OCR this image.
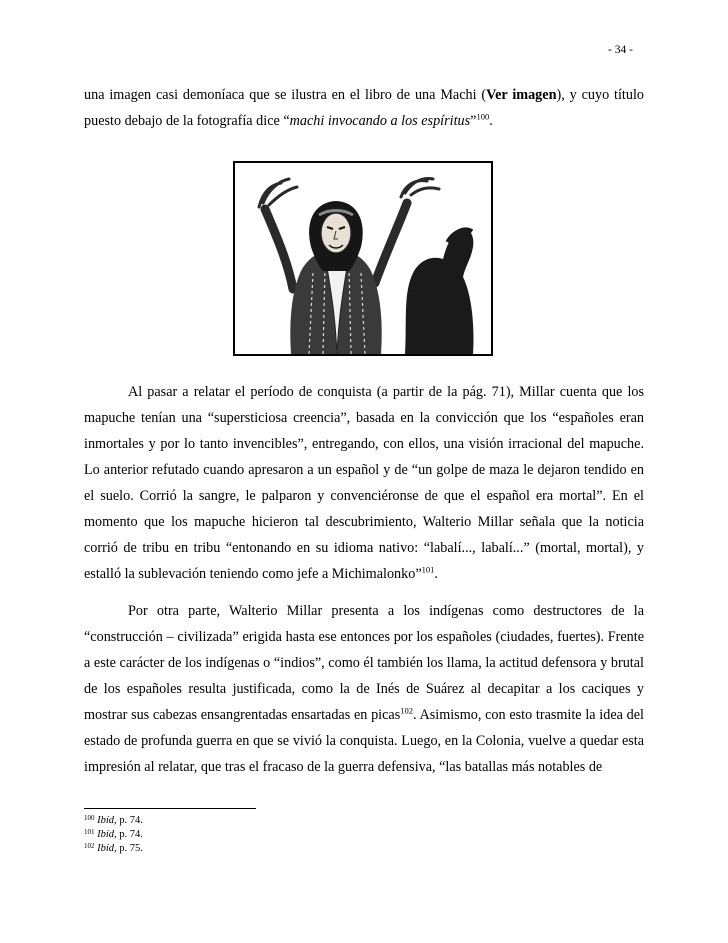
- 34 -

una imagen casi demoníaca que se ilustra en el libro de una Machi (Ver imagen), y cuyo título puesto debajo de la fotografía dice “machi invocando a los espíritus”$^{100}$.

Al pasar a relatar el período de conquista (a partir de la pág. 71), Millar cuenta que los mapuche tenían una “supersticiosa creencia”, basada en la convicción que los “españoles eran inmortales y por lo tanto invencibles”, entregando, con ellos, una visión irracional del mapuche. Lo anterior refutado cuando apresaron a un español y de “un golpe de maza le dejaron tendido en el suelo. Corrió la sangre, le palparon y convenciéronse de que el español era mortal”. En el momento que los mapuche hicieron tal descubrimiento, Walterio Millar señala que la noticia corrió de tribu en tribu “entonando en su idioma nativo: “labalí..., labalí...” (mortal, mortal), y estalló la sublevación teniendo como jefe a Michimalonko”$^{101}$.

Por otra parte, Walterio Millar presenta a los indígenas como destructores de la “construcción – civilizada” erigida hasta ese entonces por los españoles (ciudades, fuertes). Frente a este carácter de los indígenas o “indios”, como él también los llama, la actitud defensora y brutal de los españoles resulta justificada, como la de Inés de Suárez al decapitar a los caciques y mostrar sus cabezas ensangrentadas ensartadas en picas$^{102}$. Asimismo, con esto trasmite la idea del estado de profunda guerra en que se vivió la conquista. Luego, en la Colonia, vuelve a quedar esta impresión al relatar, que tras el fracaso de la guerra defensiva, “las batallas más notables de

$^{100}$ Ibíd, p. 74.
$^{101}$ Ibíd, p. 74.
$^{102}$ Ibíd, p. 75.
